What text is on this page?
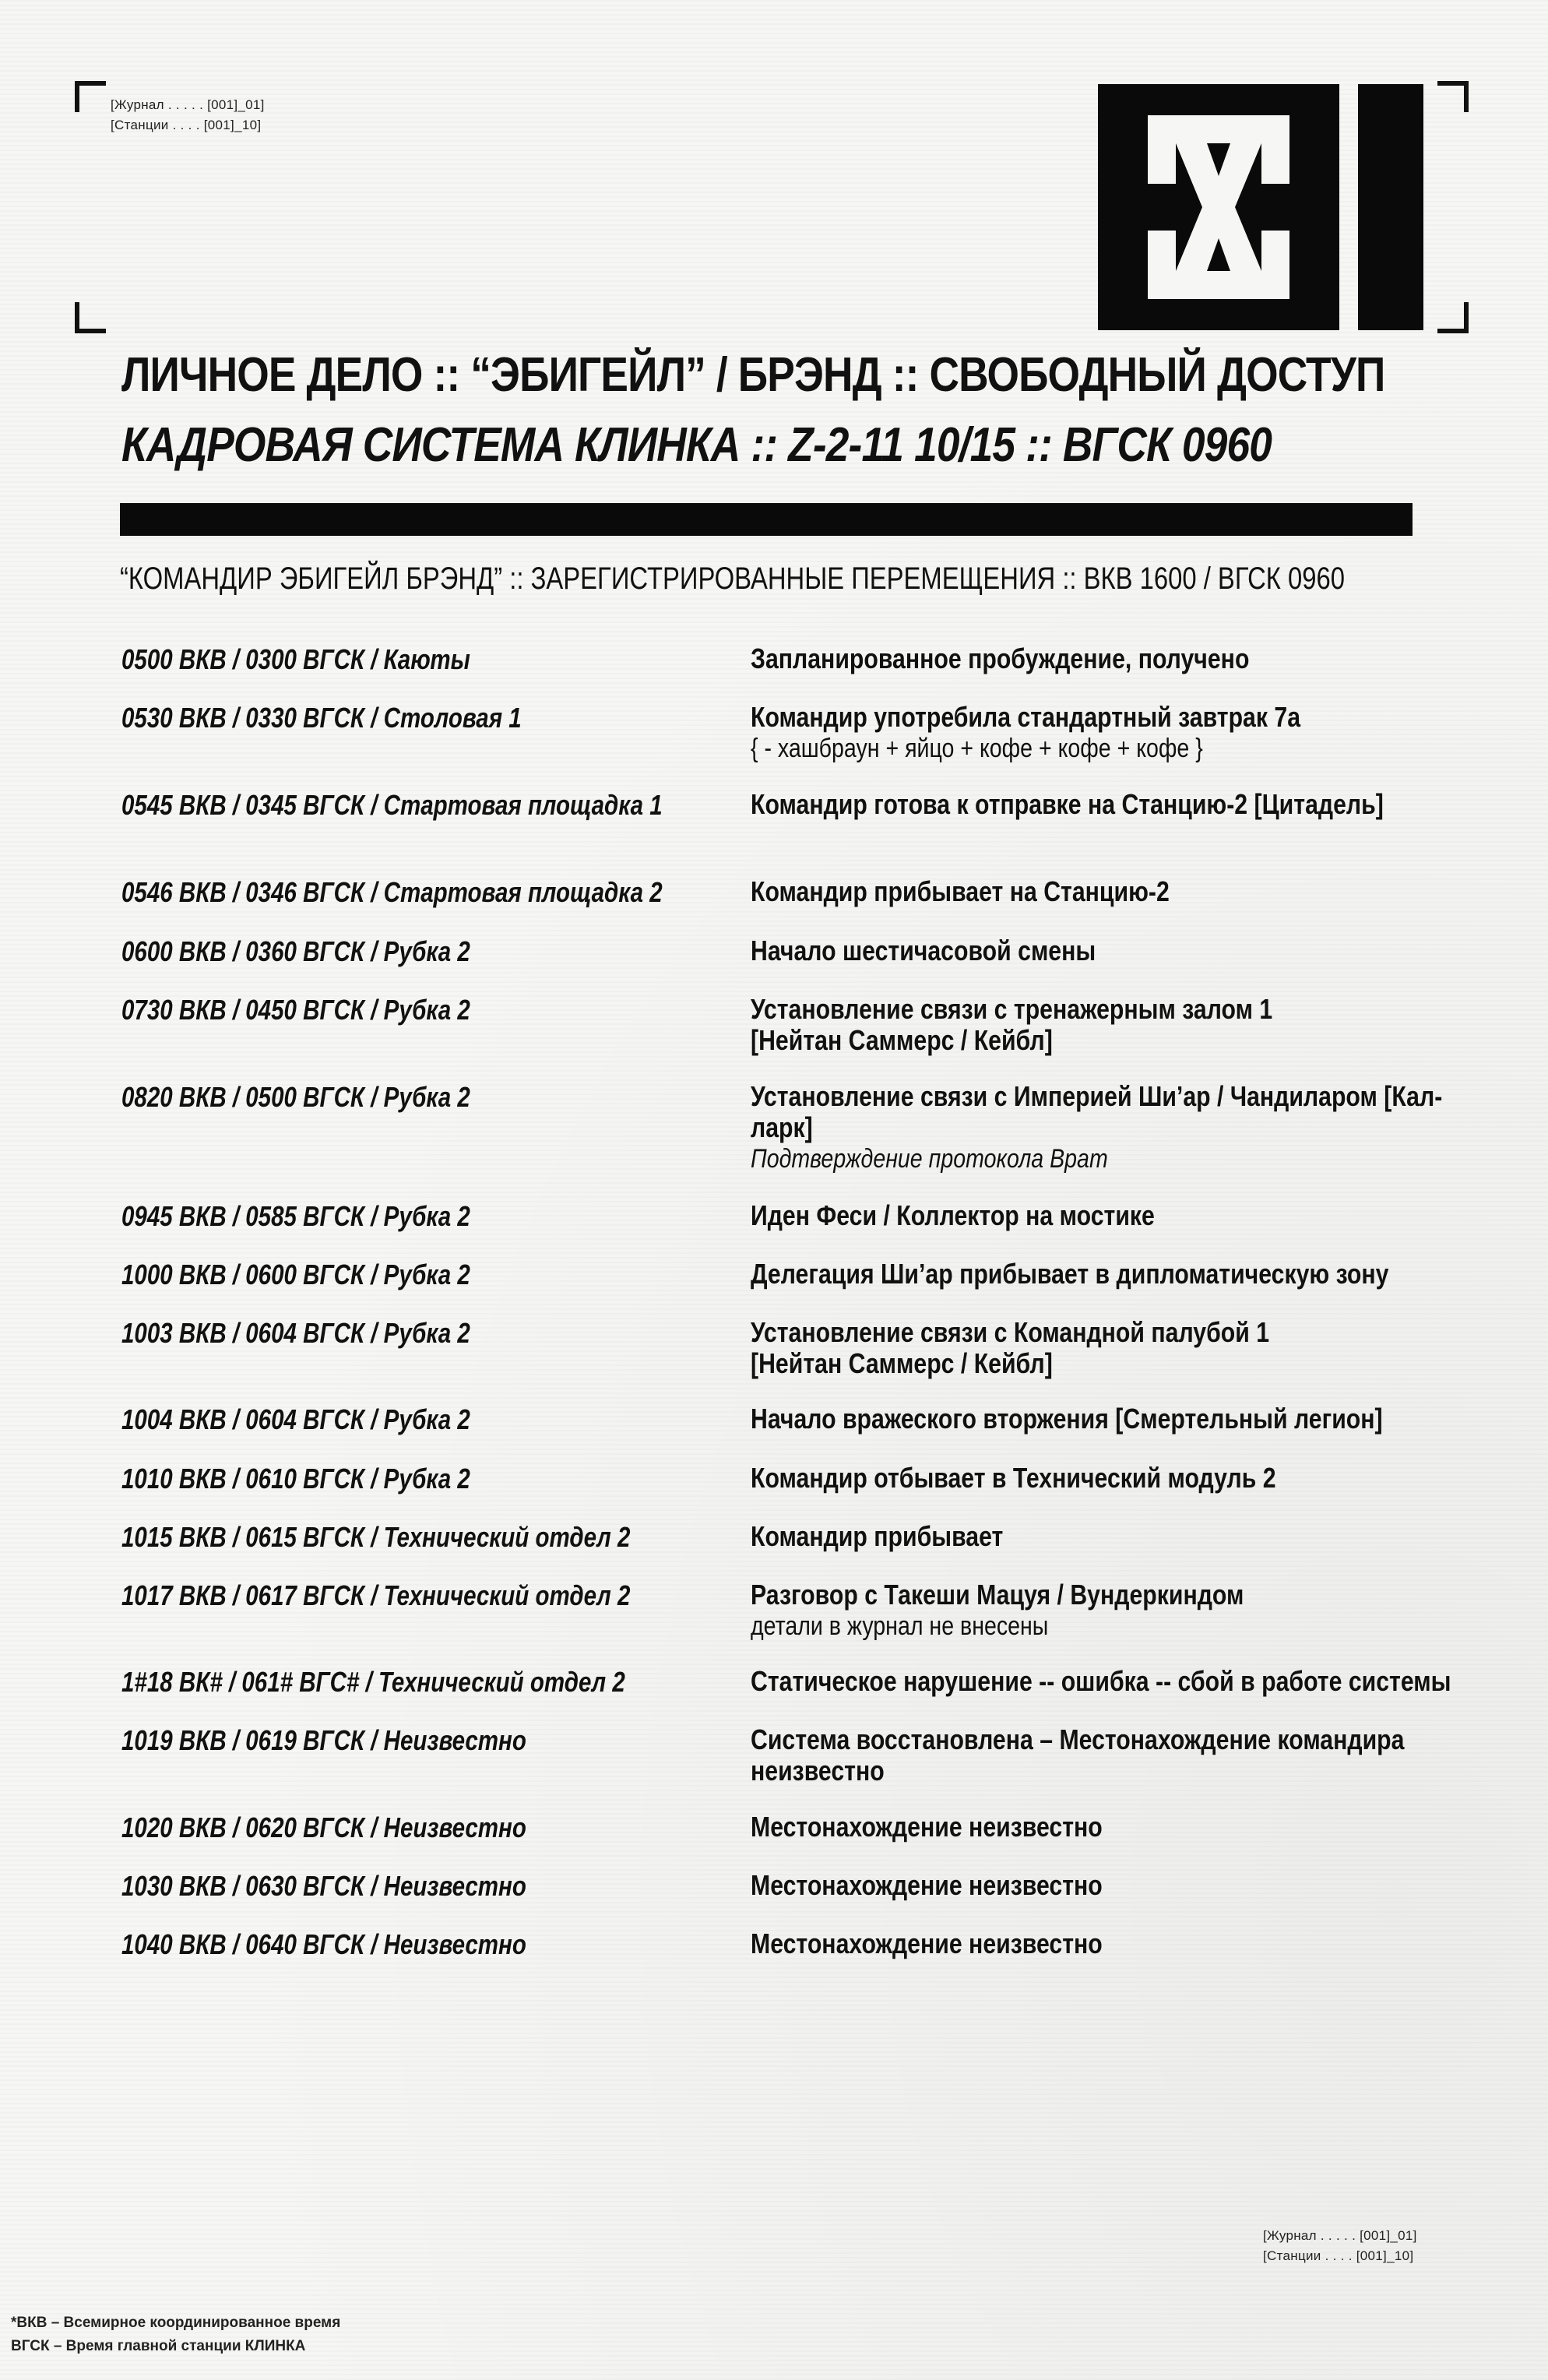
[Журнал . . . . . [001]_01]
[Станции . . . . [001]_10]
ЛИЧНОЕ ДЕЛО :: “ЭБИГЕЙЛ” / БРЭНД :: СВОБОДНЫЙ ДОСТУП
КАДРОВАЯ СИСТЕМА КЛИНКА :: Z-2-11 10/15 :: ВГСК 0960
“КОМАНДИР ЭБИГЕЙЛ БРЭНД” :: ЗАРЕГИСТРИРОВАННЫЕ ПЕРЕМЕЩЕНИЯ :: ВКВ 1600 / ВГСК 0960
0500 ВКВ / 0300 ВГСК / Каюты	Запланированное пробуждение, получено
0530 ВКВ / 0330 ВГСК / Столовая 1	Командир употребила стандартный завтрак 7а
{ - хашбраун + яйцо + кофе + кофе + кофе }
0545 ВКВ / 0345 ВГСК / Стартовая площадка 1	Командир готова к отправке на Станцию-2 [Цитадель]
0546 ВКВ / 0346 ВГСК / Стартовая площадка 2	Командир прибывает на Станцию-2
0600 ВКВ / 0360 ВГСК / Рубка 2	Начало шестичасовой смены
0730 ВКВ / 0450 ВГСК / Рубка 2	Установление связи с тренажерным залом 1
[Нейтан Саммерс / Кейбл]
0820 ВКВ / 0500 ВГСК / Рубка 2	Установление связи с Империей Ши’ар / Чандиларом [Кал-
ларк]
Подтверждение протокола Врат
0945 ВКВ / 0585 ВГСК / Рубка 2	Иден Феси / Коллектор на мостике
1000 ВКВ / 0600 ВГСК / Рубка 2	Делегация Ши’ар прибывает в дипломатическую зону
1003 ВКВ / 0604 ВГСК / Рубка 2	Установление связи с Командной палубой 1
[Нейтан Саммерс / Кейбл]
1004 ВКВ / 0604 ВГСК / Рубка 2	Начало вражеского вторжения [Смертельный легион]
1010 ВКВ / 0610 ВГСК / Рубка 2	Командир отбывает в Технический модуль 2
1015 ВКВ / 0615 ВГСК / Технический отдел 2	Командир прибывает
1017 ВКВ / 0617 ВГСК / Технический отдел 2	Разговор с Такеши Мацуя / Вундеркиндом
детали в журнал не внесены
1#18 ВК# / 061# ВГС# / Технический отдел 2	Статическое нарушение -- ошибка -- сбой в работе системы
1019 ВКВ / 0619 ВГСК / Неизвестно	Система восстановлена – Местонахождение командира
неизвестно
1020 ВКВ / 0620 ВГСК / Неизвестно	Местонахождение неизвестно
1030 ВКВ / 0630 ВГСК / Неизвестно	Местонахождение неизвестно
1040 ВКВ / 0640 ВГСК / Неизвестно	Местонахождение неизвестно
[Журнал . . . . . [001]_01]
[Станции . . . . [001]_10]
*ВКВ – Всемирное координированное время
ВГСК – Время главной станции КЛИНКА
